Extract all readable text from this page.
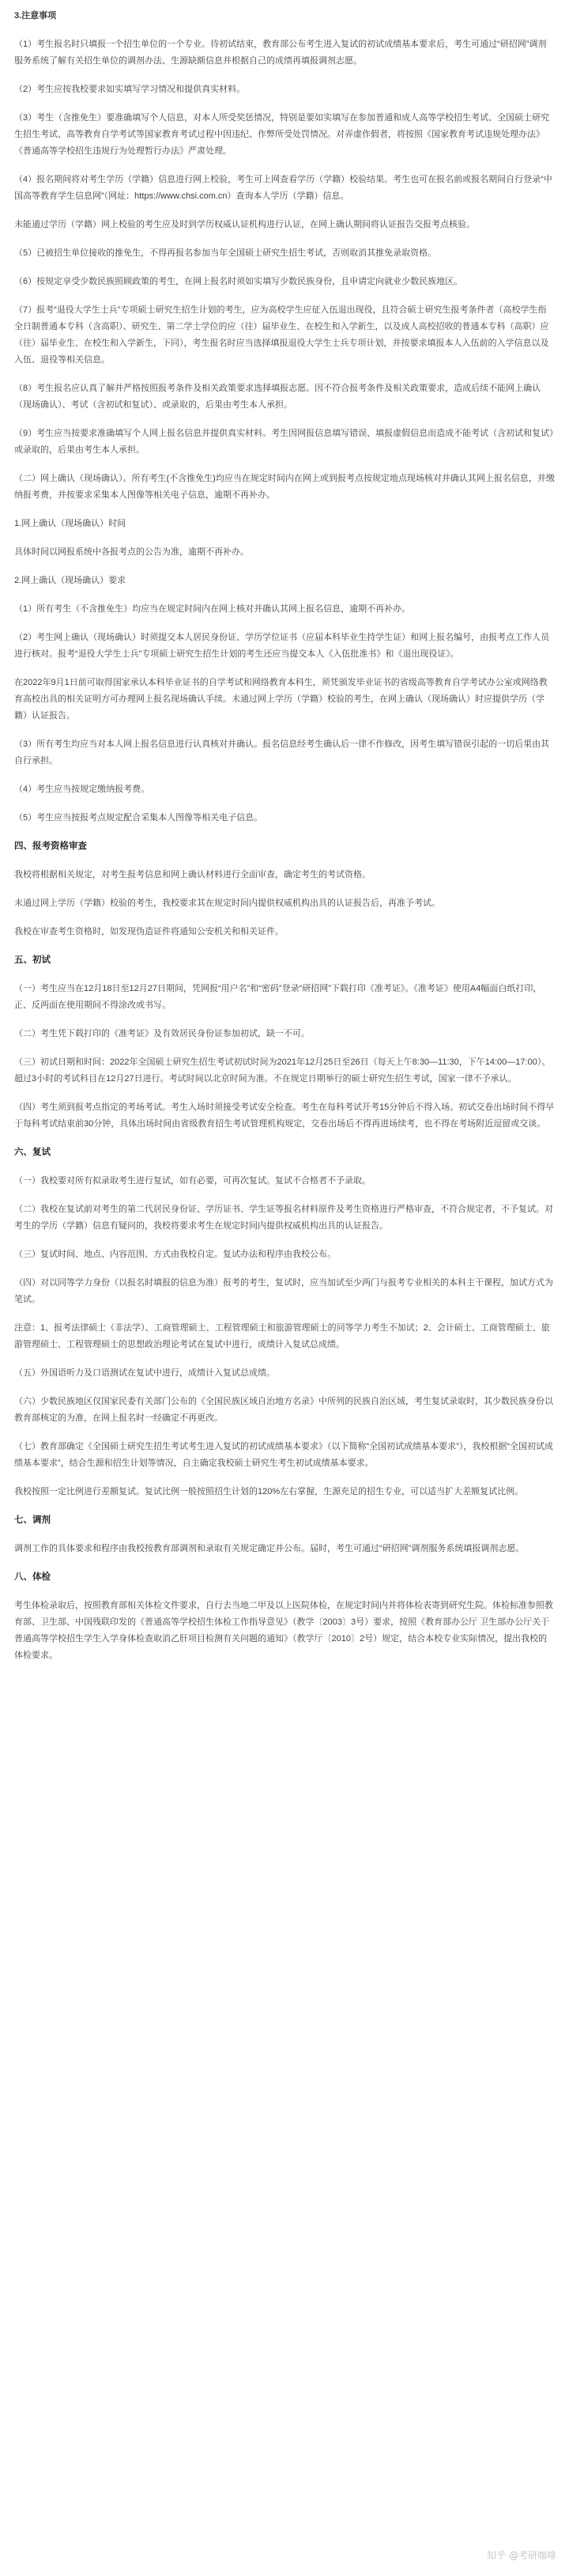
3.注意事项

（1）考生报名时只填报一个招生单位的一个专业。待初试结束，教育部公布考生进入复试的初试成绩基本要求后，考生可通过“研招网”调剂服务系统了解有关招生单位的调剂办法、生源缺额信息并根据自己的成绩再填报调剂志愿。

（2）考生应按我校要求如实填写学习情况和提供真实材料。

（3）考生（含推免生）要准确填写个人信息，对本人所受奖惩情况，特别是要如实填写在参加普通和成人高等学校招生考试、全国硕士研究生招生考试、高等教育自学考试等国家教育考试过程中因违纪、作弊所受处罚情况。对弄虚作假者，将按照《国家教育考试违规处理办法》《普通高等学校招生违规行为处理暂行办法》严肃处理。

（4）报名期间将对考生学历（学籍）信息进行网上校验，考生可上网查看学历（学籍）校验结果。考生也可在报名前或报名期间自行登录“中国高等教育学生信息网”（网址：https://www.chsi.com.cn）查询本人学历（学籍）信息。

未能通过学历（学籍）网上校验的考生应及时到学历权威认证机构进行认证，在网上确认期间将认证报告交报考点核验。

（5）已被招生单位接收的推免生，不得再报名参加当年全国硕士研究生招生考试，否则取消其推免录取资格。

（6）按规定享受少数民族照顾政策的考生，在网上报名时须如实填写少数民族身份，且申请定向就业少数民族地区。

（7）报考“退役大学生士兵”专项硕士研究生招生计划的考生，应为高校学生应征入伍退出现役，且符合硕士研究生报考条件者（高校学生指全日制普通本专科（含高职）、研究生、第二学士学位的应（往）届毕业生、在校生和入学新生，以及成人高校招收的普通本专科（高职）应（往）届毕业生、在校生和入学新生，下同），考生报名时应当选择填报退役大学生士兵专项计划，并按要求填报本人入伍前的入学信息以及入伍、退役等相关信息。

（8）考生报名应认真了解并严格按照报考条件及相关政策要求选择填报志愿。因不符合报考条件及相关政策要求，造成后续不能网上确认（现场确认）、考试（含初试和复试）、或录取的，后果由考生本人承担。

（9）考生应当按要求准确填写个人网上报名信息并提供真实材料。考生因网报信息填写错误、填报虚假信息而造成不能考试（含初试和复试）或录取的，后果由考生本人承担。

（二）网上确认（现场确认）。所有考生(不含推免生)均应当在规定时间内在网上或到报考点按规定地点现场核对并确认其网上报名信息，并缴纳报考费，并按要求采集本人图像等相关电子信息，逾期不再补办。

1.网上确认（现场确认）时间

具体时间以网报系统中各报考点的公告为准，逾期不再补办。

2.网上确认（现场确认）要求

（1）所有考生（不含推免生）均应当在规定时间内在网上核对并确认其网上报名信息，逾期不再补办。

（2）考生网上确认（现场确认）时须提交本人居民身份证、学历学位证书（应届本科毕业生持学生证）和网上报名编号，由报考点工作人员进行核对。报考“退役大学生士兵”专项硕士研究生招生计划的考生还应当提交本人《入伍批准书》和《退出现役证》。

在2022年9月1日前可取得国家承认本科毕业证书的自学考试和网络教育本科生，须凭颁发毕业证书的省级高等教育自学考试办公室或网络教育高校出具的相关证明方可办理网上报名现场确认手续。未通过网上学历（学籍）校验的考生，在网上确认（现场确认）时应提供学历（学籍）认证报告。

（3）所有考生均应当对本人网上报名信息进行认真核对并确认。报名信息经考生确认后一律不作修改，因考生填写错误引起的一切后果由其自行承担。

（4）考生应当按规定缴纳报考费。

（5）考生应当按报考点规定配合采集本人图像等相关电子信息。

四、报考资格审查

我校将根据相关规定，对考生报考信息和网上确认材料进行全面审查，确定考生的考试资格。

未通过网上学历（学籍）校验的考生，我校要求其在规定时间内提供权威机构出具的认证报告后，再准予考试。

我校在审查考生资格时，如发现伪造证件将通知公安机关和相关证件。

五、初试

（一）考生应当在12月18日至12月27日期间，凭网报“用户名”和“密码”登录“研招网”下载打印《准考证》。《准考证》使用A4幅面白纸打印，正、反两面在使用期间不得涂改或书写。

（二）考生凭下载打印的《准考证》及有效居民身份证参加初试，缺一不可。

（三）初试日期和时间：2022年全国硕士研究生招生考试初试时间为2021年12月25日至26日（每天上午8:30—11:30，下午14:00—17:00）。超过3小时的考试科目在12月27日进行。考试时间以北京时间为准。不在规定日期举行的硕士研究生招生考试，国家一律不予承认。

（四）考生须到报考点指定的考场考试。考生入场时须接受考试安全检查。考生在每科考试开考15分钟后不得入场。初试交卷出场时间不得早于每科考试结束前30分钟，具体出场时间由省级教育招生考试管理机构规定，交卷出场后不得再进场续考，也不得在考场附近逗留或交谈。

六、复试

（一）我校要对所有拟录取考生进行复试，如有必要，可再次复试。复试不合格者不予录取。

（二）我校在复试前对考生的第二代居民身份证、学历证书、学生证等报名材料原件及考生资格进行严格审查，不符合规定者，不予复试。对考生的学历（学籍）信息有疑问的，我校将要求考生在规定时间内提供权威机构出具的认证报告。

（三）复试时间、地点、内容范围、方式由我校自定。复试办法和程序由我校公布。

（四）对以同等学力身份（以报名时填报的信息为准）报考的考生，复试时，应当加试至少两门与报考专业相关的本科主干课程，加试方式为笔试。

注意：1、报考法律硕士（非法学）、工商管理硕士、工程管理硕士和旅游管理硕士的同等学力考生不加试；2、会计硕士、工商管理硕士、旅游管理硕士、工程管理硕士的思想政治理论考试在复试中进行，成绩计入复试总成绩。

（五）外国语听力及口语测试在复试中进行，成绩计入复试总成绩。

（六）少数民族地区仅国家民委有关部门公布的《全国民族区域自治地方名录》中所列的民族自治区域，考生复试录取时，其少数民族身份以教育部核定的为准，在网上报名时一经确定不再更改。

（七）教育部确定《全国硕士研究生招生考试考生进入复试的初试成绩基本要求》（以下简称“全国初试成绩基本要求”），我校根据“全国初试成绩基本要求”，结合生源和招生计划等情况，自主确定我校硕士研究生考生初试成绩基本要求。

我校按照一定比例进行差额复试。复试比例一般按照招生计划的120%左右掌握，生源充足的招生专业，可以适当扩大差额复试比例。

七、调剂

调剂工作的具体要求和程序由我校按教育部调剂和录取有关规定确定并公布。届时，考生可通过“研招网”调剂服务系统填报调剂志愿。

八、体检

考生体检录取后，按照教育部相关体检文件要求，自行去当地二甲及以上医院体检，在规定时间内并将体检表寄到研究生院。体检标准参照教育部、卫生部、中国残联印发的《普通高等学校招生体检工作指导意见》（教学〔2003〕3号）要求，按照《教育部办公厅 卫生部办公厅关于普通高等学校招生学生入学身体检查取消乙肝项目检测有关问题的通知》（教学厅〔2010〕2号）规定，结合本校专业实际情况，提出我校的体检要求。

知乎 @考研咖啡
